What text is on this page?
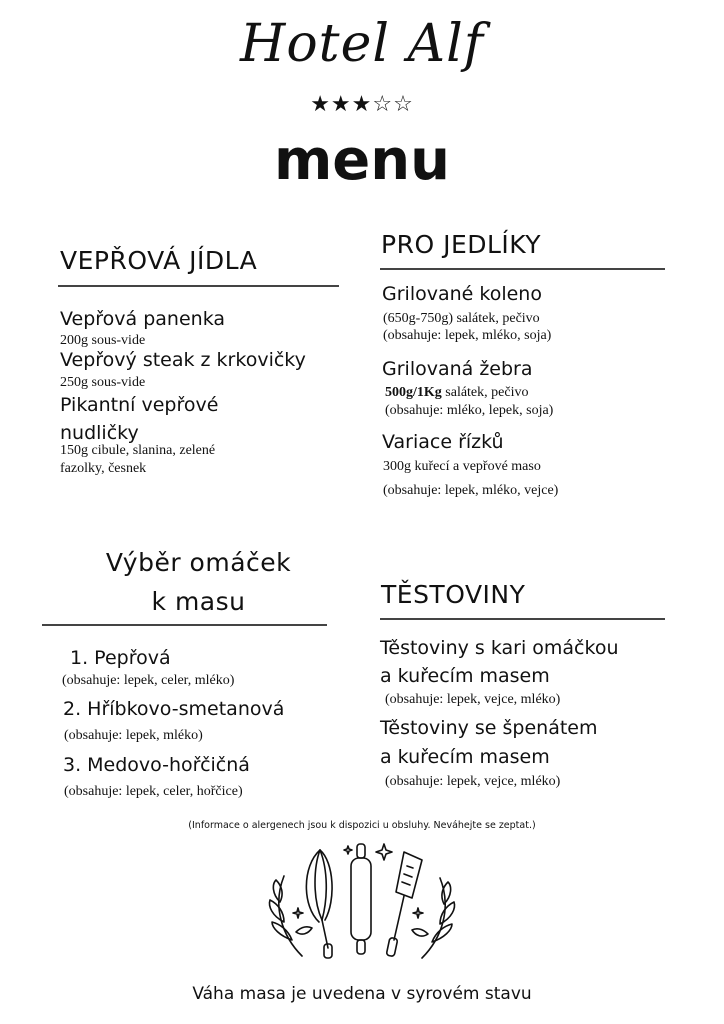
Hotel Alf
★★★☆☆
menu
VEPŘOVÁ JÍDLA
Vepřová panenka
200g sous-vide
Vepřový steak z krkovičky
250g sous-vide
Pikantní vepřové
nudličky
150g cibule, slanina, zelené
fazolky, česnek
PRO JEDLÍKY
Grilované koleno
(650g-750g) salátek, pečivo
(obsahuje: lepek, mléko, soja)
Grilovaná žebra
500g/1Kg salátek, pečivo
(obsahuje: mléko, lepek, soja)
Variace řízků
300g kuřecí a vepřové maso
(obsahuje: lepek, mléko, vejce)
Výběr omáček
k masu
1. Pepřová
(obsahuje: lepek, celer, mléko)
2. Hříbkovo-smetanová
(obsahuje: lepek, mléko)
3. Medovo-hořčičná
(obsahuje: lepek, celer, hořčice)
TĚSTOVINY
Těstoviny s kari omáčkou
a kuřecím masem
(obsahuje: lepek, vejce, mléko)
Těstoviny se špenátem
a kuřecím masem
(obsahuje: lepek, vejce, mléko)
(Informace o alergenech jsou k dispozici u obsluhy. Neváhejte se zeptat.)
Váha masa je uvedena v syrovém stavu
